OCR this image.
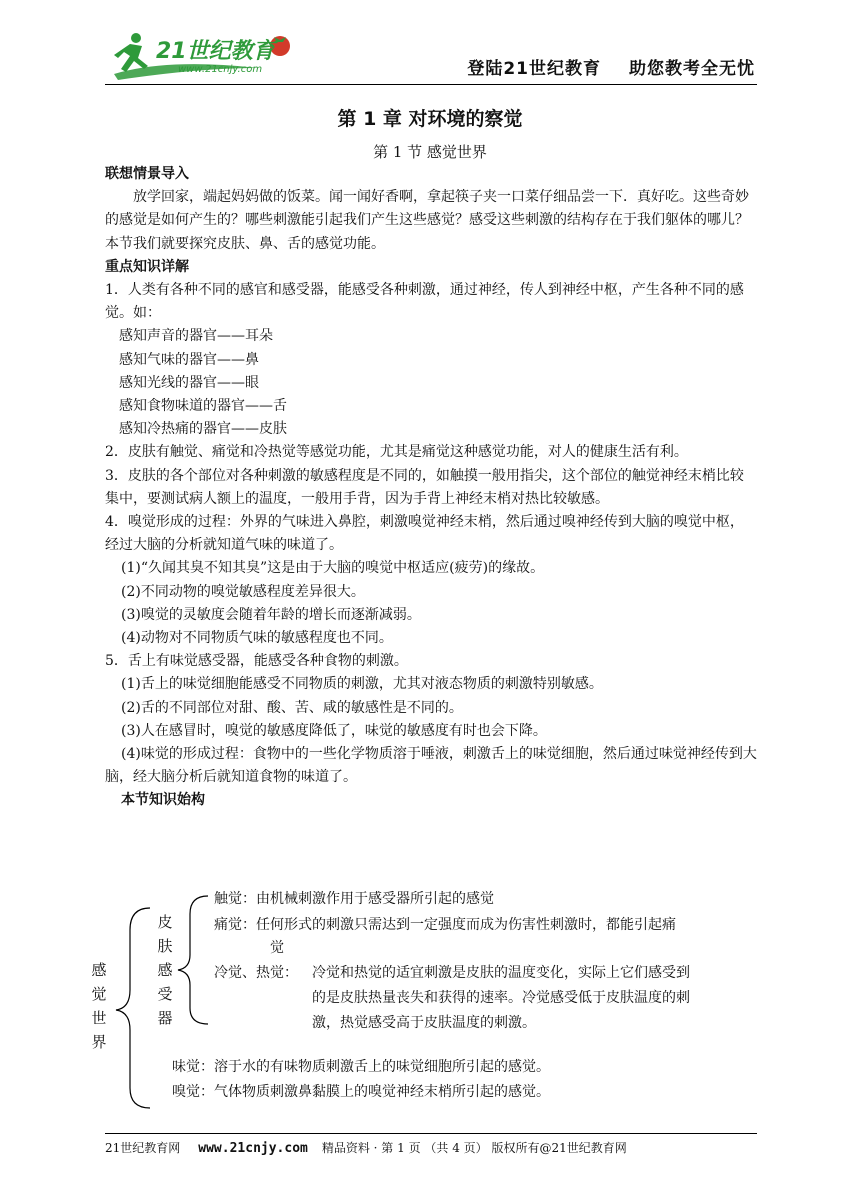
21世纪教育
www.21cnjy.com	登陆21世纪教育 助您教考全无忧
第 1 章 对环境的察觉
第 1 节 感觉世界

联想情景导入

放学回家，端起妈妈做的饭菜。闻一闻好香啊，拿起筷子夹一口菜仔细品尝一下．真好吃。这些奇妙的感觉是如何产生的？哪些刺激能引起我们产生这些感觉？感受这些刺激的结构存在于我们躯体的哪儿？本节我们就要探究皮肤、鼻、舌的感觉功能。

重点知识详解

1．人类有各种不同的感官和感受器，能感受各种刺激，通过神经，传人到神经中枢，产生各种不同的感觉。如：

感知声音的器官——耳朵

感知气味的器官——鼻

感知光线的器官——眼

感知食物味道的器官——舌

感知冷热痛的器官——皮肤

2．皮肤有触觉、痛觉和冷热觉等感觉功能，尤其是痛觉这种感觉功能，对人的健康生活有利。

3．皮肤的各个部位对各种刺激的敏感程度是不同的，如触摸一般用指尖，这个部位的触觉神经末梢比较集中，要测试病人额上的温度，一般用手背，因为手背上神经末梢对热比较敏感。

4．嗅觉形成的过程：外界的气味进入鼻腔，刺激嗅觉神经末梢，然后通过嗅神经传到大脑的嗅觉中枢，经过大脑的分析就知道气味的味道了。

(1)“久闻其臭不知其臭”这是由于大脑的嗅觉中枢适应(疲劳)的缘故。

(2)不同动物的嗅觉敏感程度差异很大。

(3)嗅觉的灵敏度会随着年龄的增长而逐渐减弱。

(4)动物对不同物质气味的敏感程度也不同。

5．舌上有味觉感受器，能感受各种食物的刺激。

(1)舌上的味觉细胞能感受不同物质的刺激，尤其对液态物质的刺激特别敏感。

(2)舌的不同部位对甜、酸、苦、咸的敏感性是不同的。

(3)人在感冒时，嗅觉的敏感度降低了，味觉的敏感度有时也会下降。

(4)味觉的形成过程：食物中的一些化学物质溶于唾液，刺激舌上的味觉细胞，然后通过味觉神经传到大脑，经大脑分析后就知道食物的味道了。

本节知识始构

感
觉
世
界
皮
肤
感
受
器
触觉：由机械刺激作用于感受器所引起的感觉
痛觉：任何形式的刺激只需达到一定强度而成为伤害性刺激时，都能引起痛
觉
冷觉、热觉： 冷觉和热觉的适宜刺激是皮肤的温度变化，实际上它们感受到
的是皮肤热量丧失和获得的速率。冷觉感受低于皮肤温度的刺
激，热觉感受高于皮肤温度的刺激。
味觉：溶于水的有味物质刺激舌上的味觉细胞所引起的感觉。
嗅觉：气体物质刺激鼻黏膜上的嗅觉神经末梢所引起的感觉。
21世纪教育网 www.21cnjy.com 精品资料 · 第 1 页 （共 4 页） 版权所有@21世纪教育网
